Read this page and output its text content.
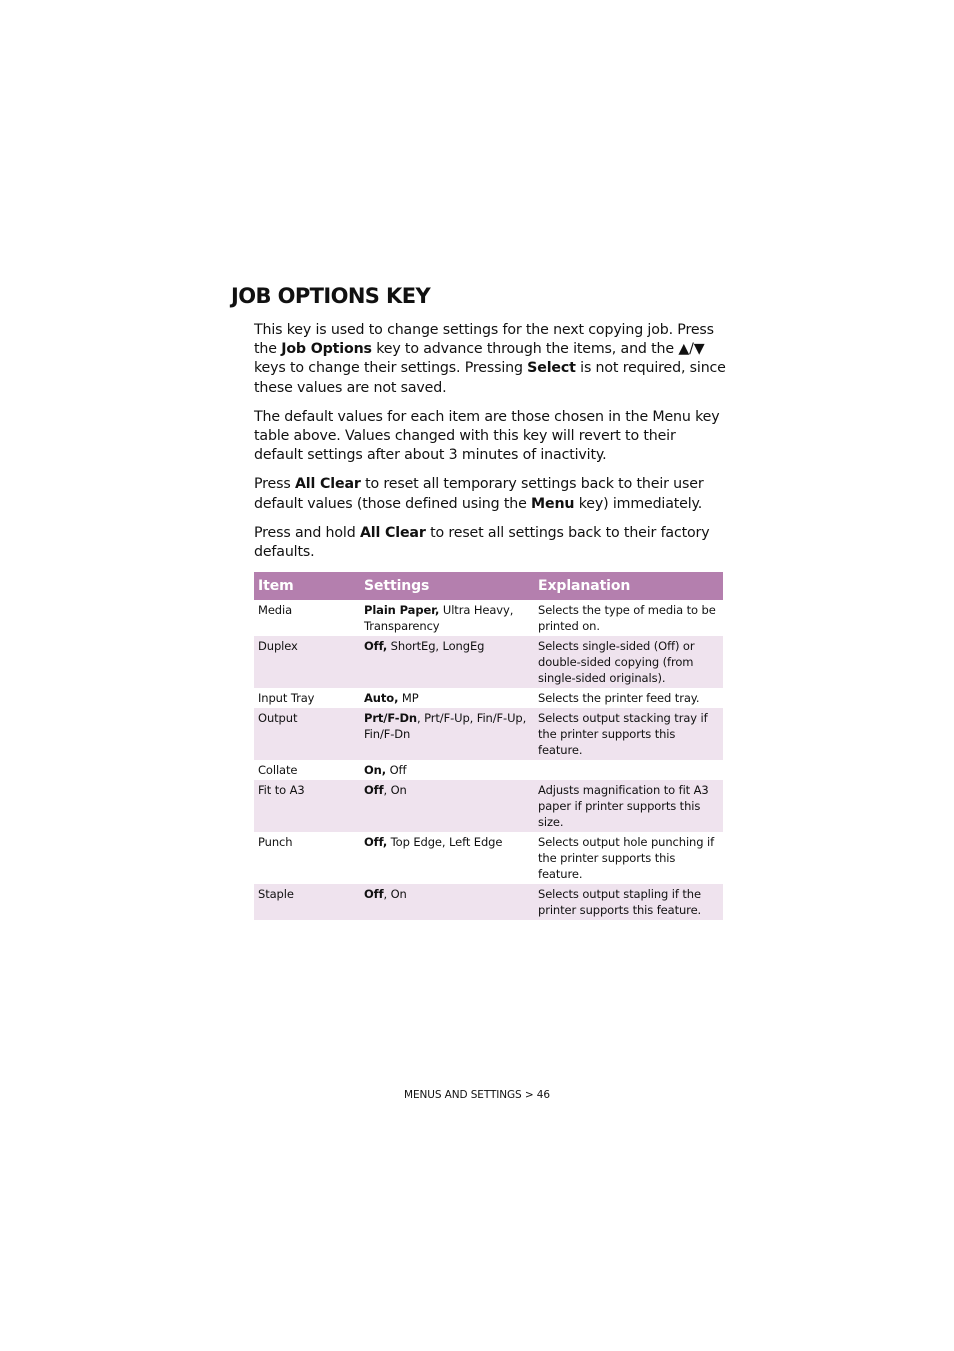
JOB OPTIONS KEY

This key is used to change settings for the next copying job. Press the Job Options key to advance through the items, and the ▲/▼ keys to change their settings. Pressing Select is not required, since these values are not saved.

The default values for each item are those chosen in the Menu key table above. Values changed with this key will revert to their default settings after about 3 minutes of inactivity.

Press All Clear to reset all temporary settings back to their user default values (those defined using the Menu key) immediately.

Press and hold All Clear to reset all settings back to their factory defaults.

Item	Settings	Explanation
Media	Plain Paper, Ultra Heavy, Transparency	Selects the type of media to be printed on.
Duplex	Off, ShortEg, LongEg	Selects single-sided (Off) or double-sided copying (from single-sided originals).
Input Tray	Auto, MP	Selects the printer feed tray.
Output	Prt/F-Dn, Prt/F-Up, Fin/F-Up, Fin/F-Dn	Selects output stacking tray if the printer supports this feature.
Collate	On, Off	
Fit to A3	Off, On	Adjusts magnification to fit A3 paper if printer supports this size.
Punch	Off, Top Edge, Left Edge	Selects output hole punching if the printer supports this feature.
Staple	Off, On	Selects output stapling if the printer supports this feature.
MENUS AND SETTINGS > 46
